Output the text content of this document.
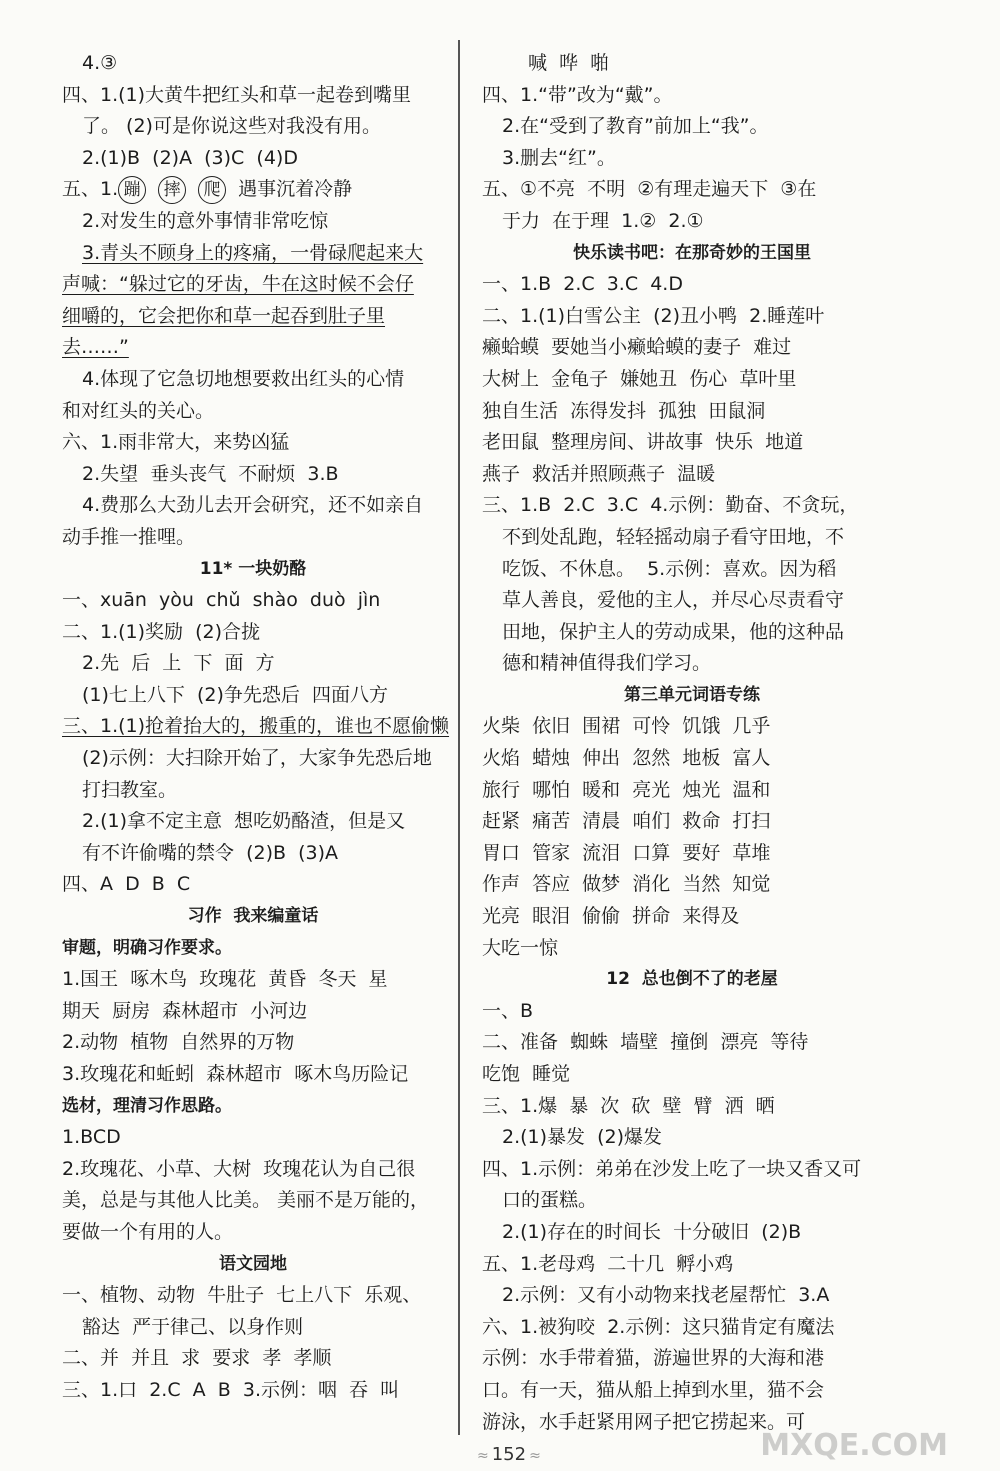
4.③
四、1.(1)大黄牛把红头和草一起卷到嘴里
了。 (2)可是你说这些对我没有用。
2.(1)B  (2)A  (3)C  (4)D
五、1. 蹦 摔 爬 遇事沉着冷静
2.对发生的意外事情非常吃惊
3.青头不顾身上的疼痛，一骨碌爬起来大
声喊：“躲过它的牙齿，牛在这时候不会仔
细嚼的，它会把你和草一起吞到肚子里
去……”
4.体现了它急切地想要救出红头的心情
和对红头的关心。
六、1.雨非常大，来势凶猛
2.失望  垂头丧气  不耐烦  3.B
4.费那么大劲儿去开会研究，还不如亲自
动手推一推哩。
11* 一块奶酪
一、xuān  yòu  chǔ  shào  duò  jìn
二、1.(1)奖励  (2)合拢
2.先  后  上  下  面  方
(1)七上八下  (2)争先恐后  四面八方
三、1.(1)抢着抬大的，搬重的，谁也不愿偷懒
(2)示例：大扫除开始了，大家争先恐后地
打扫教室。
2.(1)拿不定主意  想吃奶酪渣，但是又
有不许偷嘴的禁令  (2)B  (3)A
四、A  D  B  C
习作  我来编童话
审题，明确习作要求。
1.国王  啄木鸟  玫瑰花  黄昏  冬天  星
期天  厨房  森林超市  小河边
2.动物  植物  自然界的万物
3.玫瑰花和蚯蚓  森林超市  啄木鸟历险记
选材，理清习作思路。
1.BCD
2.玫瑰花、小草、大树  玫瑰花认为自己很
美，总是与其他人比美。 美丽不是万能的，
要做一个有用的人。
语文园地
一、植物、动物  牛肚子  七上八下  乐观、
豁达  严于律己、以身作则
二、并  并且  求  要求  孝  孝顺
三、1.口  2.C  A  B  3.示例：咽  吞  叫
喊  哗  啪
四、1.“带”改为“戴”。
2.在“受到了教育”前加上“我”。
3.删去“红”。
五、①不亮  不明  ②有理走遍天下  ③在
于力  在于理  1.②  2.①
快乐读书吧：在那奇妙的王国里
一、1.B  2.C  3.C  4.D
二、1.(1)白雪公主  (2)丑小鸭  2.睡莲叶
癞蛤蟆  要她当小癞蛤蟆的妻子  难过
大树上  金龟子  嫌她丑  伤心  草叶里
独自生活  冻得发抖  孤独  田鼠洞
老田鼠  整理房间、讲故事  快乐  地道
燕子  救活并照顾燕子  温暖
三、1.B  2.C  3.C  4.示例：勤奋、不贪玩，
不到处乱跑，轻轻摇动扇子看守田地，不
吃饭、不休息。  5.示例：喜欢。因为稻
草人善良，爱他的主人，并尽心尽责看守
田地，保护主人的劳动成果，他的这种品
德和精神值得我们学习。
第三单元词语专练
火柴  依旧  围裙  可怜  饥饿  几乎
火焰  蜡烛  伸出  忽然  地板  富人
旅行  哪怕  暖和  亮光  烛光  温和
赶紧  痛苦  清晨  咱们  救命  打扫
胃口  管家  流泪  口算  要好  草堆
作声  答应  做梦  消化  当然  知觉
光亮  眼泪  偷偷  拼命  来得及
大吃一惊
12  总也倒不了的老屋
一、B
二、准备  蜘蛛  墙壁  撞倒  漂亮  等待
吃饱  睡觉
三、1.爆  暴  次  砍  壁  臂  洒  晒
2.(1)暴发  (2)爆发
四、1.示例：弟弟在沙发上吃了一块又香又可
口的蛋糕。
2.(1)存在的时间长  十分破旧  (2)B
五、1.老母鸡  二十几  孵小鸡
2.示例：又有小动物来找老屋帮忙  3.A
六、1.被狗咬  2.示例：这只猫肯定有魔法
示例：水手带着猫，游遍世界的大海和港
口。有一天，猫从船上掉到水里，猫不会
游泳，水手赶紧用网子把它捞起来。可
≈ 152 ≈	MXQE.COM
